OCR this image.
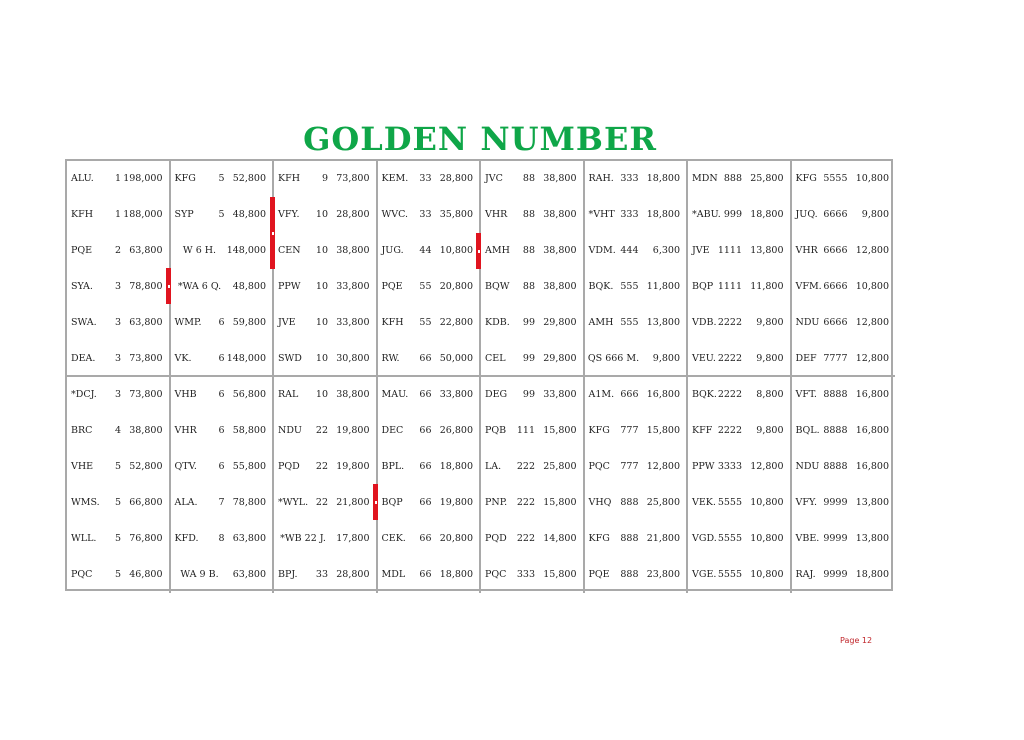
GOLDEN NUMBER
ALU. 1 198,000
KFH 1 188,000
PQE 2 63,800
SYA. 3 78,800
SWA. 3 63,800
DEA. 3 73,800
KFG 5 52,800
SYP	5 48,800
W 6 H.	148,000
*WA 6 Q.	48,800
WMP. 6 59,800
VK.	6 148,000
KFH 9 73,800
VFY. 10 28,800
CEN 10 38,800
PPW 10 33,800
JVE 10 33,800
SWD 10 30,800
KEM. 33 28,800
WVC. 33 35,800
JUG. 44 10,800
PQE 55 20,800
KFH 55 22,800
RW. 66 50,000
JVC 88 38,800
VHR 88 38,800
AMH 88 38,800
BQW 88 38,800
KDB. 99 29,800
CEL 99 29,800
RAH. 333 18,800
*VHT 333 18,800
VDM. 444 6,300
BQK. 555 11,800
AMH 555 13,800
QS 666 M.	9,800
MDN 888 25,800
*ABU. 999 18,800
JVE 1111 13,800
BQP 1111 11,800
VDB. 2222 9,800
VEU. 2222 9,800
KFG 5555 10,800
JUQ. 6666 9,800
VHR 6666 12,800
VFM. 6666 10,800
NDU 6666 12,800
DEF 7777 12,800
*DCJ. 3 73,800
BRC 4 38,800
VHE 5 52,800
WMS. 5 66,800
WLL. 5 76,800
PQC 5 46,800
VHB 6 56,800
VHR 6 58,800
QTV. 6 55,800
ALA. 7 78,800
KFD. 8 63,800
WA 9 B.	63,800
RAL 10 38,800
NDU 22 19,800
PQD 22 19,800
*WYL. 22 21,800
*WB 22 J.	17,800
BPJ. 33 28,800
MAU. 66 33,800
DEC 66 26,800
BPL. 66 18,800
BQP 66 19,800
CEK. 66 20,800
MDL 66 18,800
DEG 99 33,800
PQB 111 15,800
LA. 222 25,800
PNP. 222 15,800
PQD 222 14,800
PQC 333 15,800
A1M. 666 16,800
KFG 777 15,800
PQC 777 12,800
VHQ 888 25,800
KFG 888 21,800
PQE 888 23,800
BQK. 2222 8,800
KFF 2222 9,800
PPW 3333 12,800
VEK. 5555 10,800
VGD. 5555 10,800
VGE. 5555 10,800
VFT. 8888 16,800
BQL. 8888 16,800
NDU 8888 16,800
VFY. 9999 13,800
VBE. 9999 13,800
RAJ. 9999 18,800
Page 12
